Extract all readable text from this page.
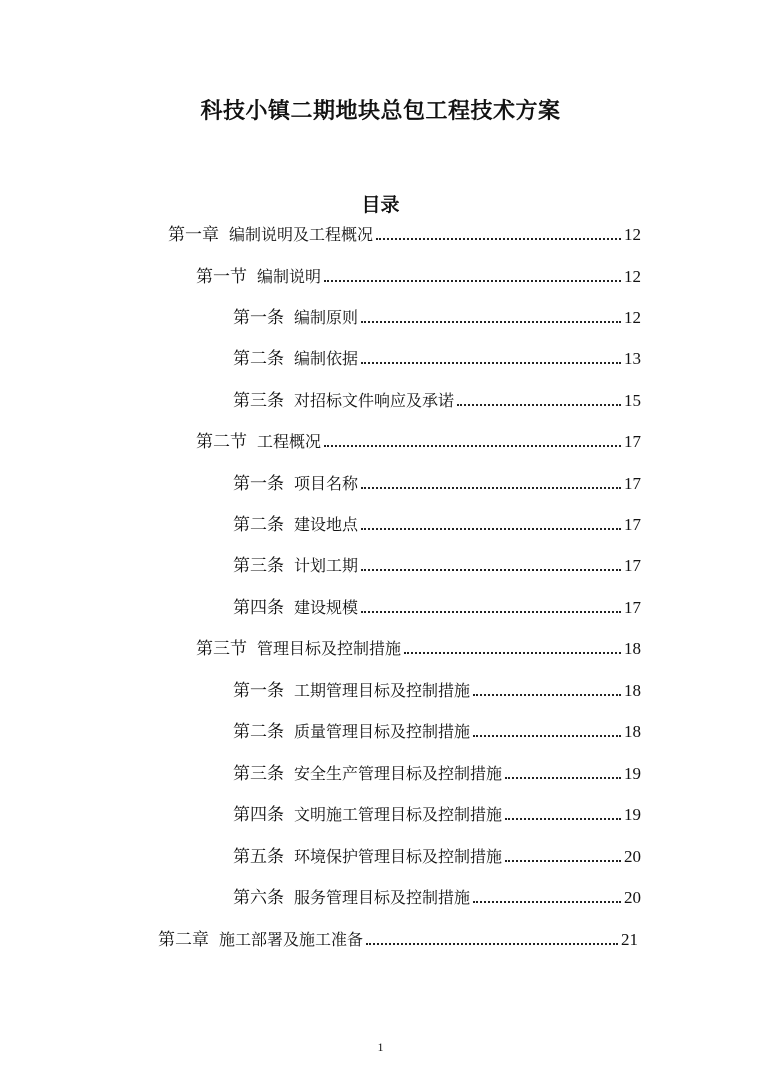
科技小镇二期地块总包工程技术方案
目录
第一章 编制说明及工程概况	12
第一节 编制说明	12
第一条 编制原则	12
第二条 编制依据	13
第三条 对招标文件响应及承诺	15
第二节 工程概况	17
第一条 项目名称	17
第二条 建设地点	17
第三条 计划工期	17
第四条 建设规模	17
第三节 管理目标及控制措施	18
第一条 工期管理目标及控制措施	18
第二条 质量管理目标及控制措施	18
第三条 安全生产管理目标及控制措施	19
第四条 文明施工管理目标及控制措施	19
第五条 环境保护管理目标及控制措施	20
第六条 服务管理目标及控制措施	20
第二章 施工部署及施工准备	21
1
